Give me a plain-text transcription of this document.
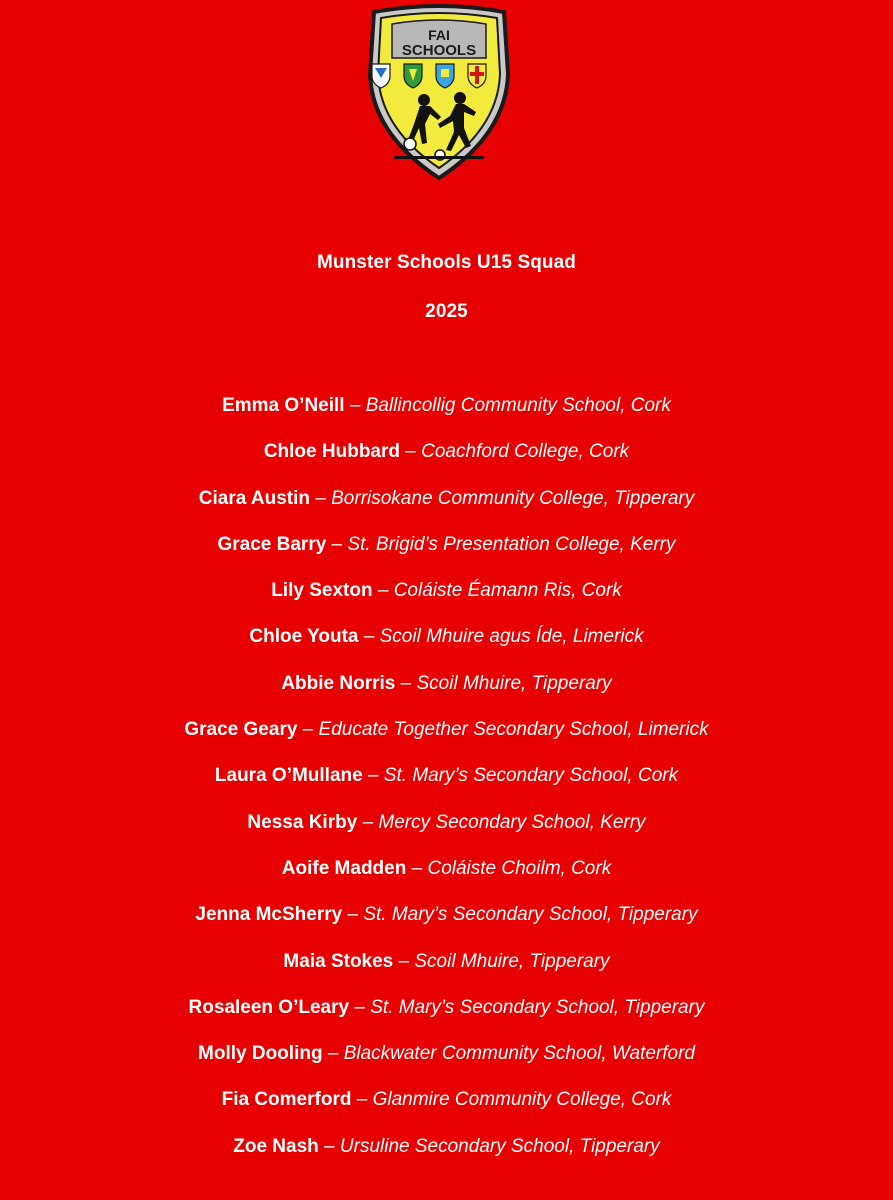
FAI
SCHOOLS
Munster Schools U15 Squad
2025
Emma O’Neill – Ballincollig Community School, Cork
Chloe Hubbard – Coachford College, Cork
Ciara Austin – Borrisokane Community College, Tipperary
Grace Barry – St. Brigid’s Presentation College, Kerry
Lily Sexton – Coláiste Éamann Ris, Cork
Chloe Youta – Scoil Mhuire agus Íde, Limerick
Abbie Norris – Scoil Mhuire, Tipperary
Grace Geary – Educate Together Secondary School, Limerick
Laura O’Mullane – St. Mary’s Secondary School, Cork
Nessa Kirby – Mercy Secondary School, Kerry
Aoife Madden – Coláiste Choilm, Cork
Jenna McSherry – St. Mary’s Secondary School, Tipperary
Maia Stokes – Scoil Mhuire, Tipperary
Rosaleen O’Leary – St. Mary’s Secondary School, Tipperary
Molly Dooling – Blackwater Community School, Waterford
Fia Comerford – Glanmire Community College, Cork
Zoe Nash – Ursuline Secondary School, Tipperary
